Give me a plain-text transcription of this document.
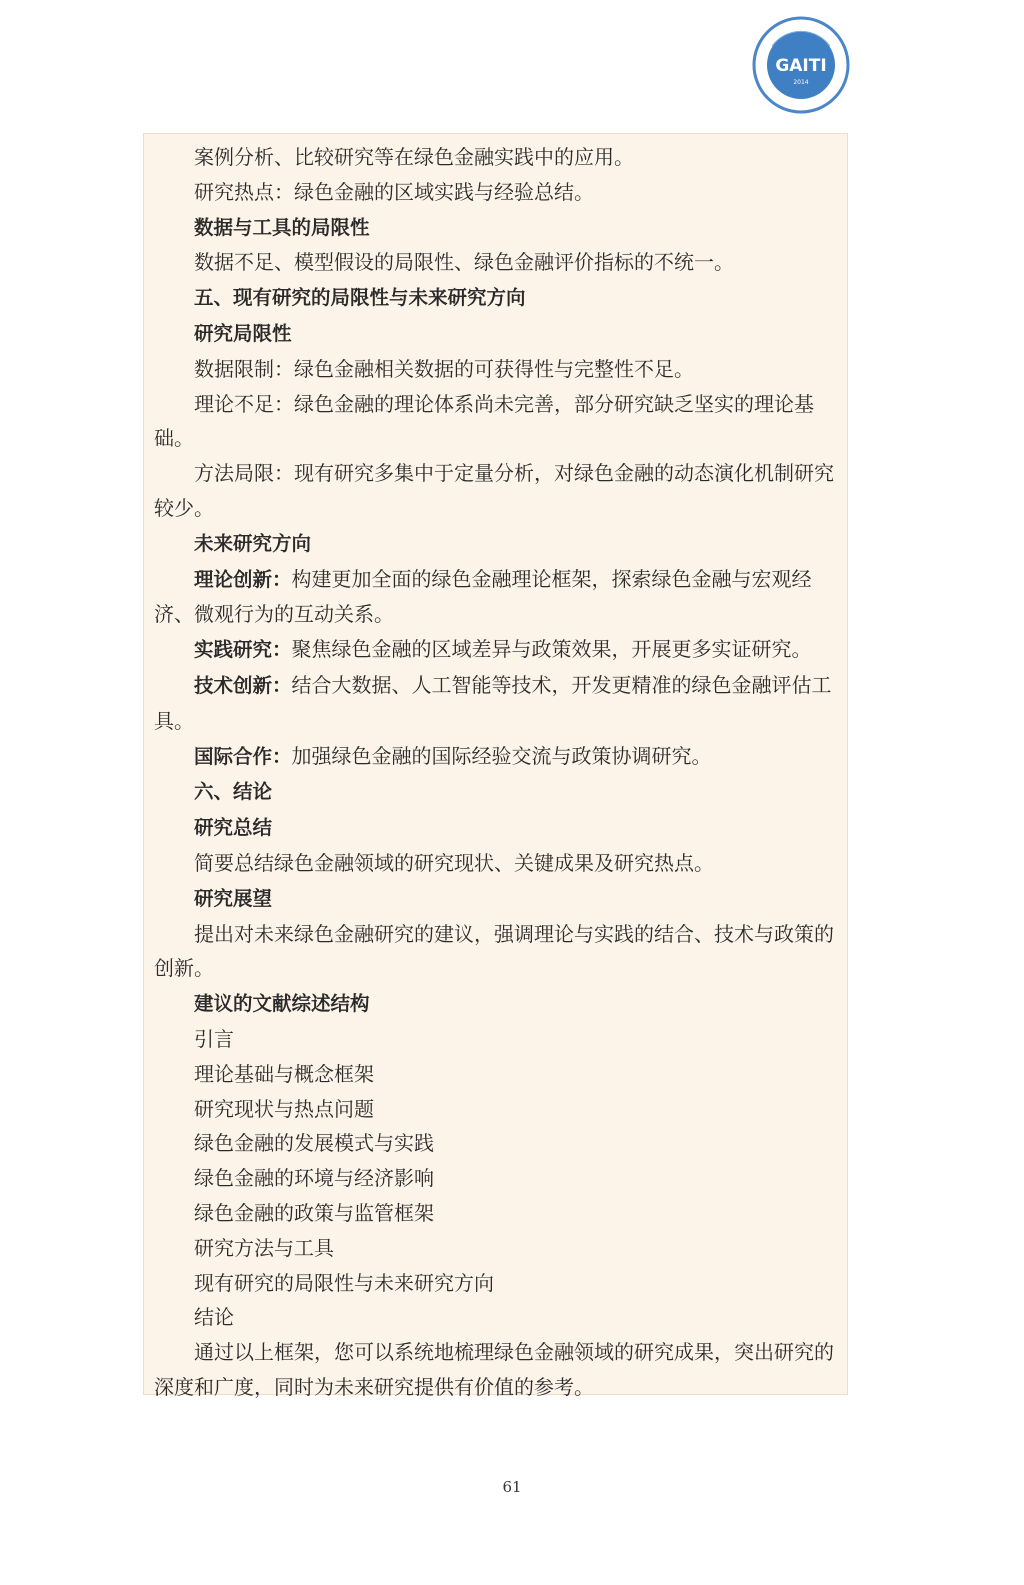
GAITI
2014

案例分析、比较研究等在绿色金融实践中的应用。

研究热点：绿色金融的区域实践与经验总结。

数据与工具的局限性

数据不足、模型假设的局限性、绿色金融评价指标的不统一。

五、现有研究的局限性与未来研究方向

研究局限性

数据限制：绿色金融相关数据的可获得性与完整性不足。

理论不足：绿色金融的理论体系尚未完善，部分研究缺乏坚实的理论基础。

方法局限：现有研究多集中于定量分析，对绿色金融的动态演化机制研究较少。

未来研究方向

理论创新：构建更加全面的绿色金融理论框架，探索绿色金融与宏观经济、微观行为的互动关系。

实践研究：聚焦绿色金融的区域差异与政策效果，开展更多实证研究。

技术创新：结合大数据、人工智能等技术，开发更精准的绿色金融评估工具。

国际合作：加强绿色金融的国际经验交流与政策协调研究。

六、结论

研究总结

简要总结绿色金融领域的研究现状、关键成果及研究热点。

研究展望

提出对未来绿色金融研究的建议，强调理论与实践的结合、技术与政策的创新。

建议的文献综述结构

引言

理论基础与概念框架

研究现状与热点问题

绿色金融的发展模式与实践

绿色金融的环境与经济影响

绿色金融的政策与监管框架

研究方法与工具

现有研究的局限性与未来研究方向

结论

通过以上框架，您可以系统地梳理绿色金融领域的研究成果，突出研究的深度和广度，同时为未来研究提供有价值的参考。

61
